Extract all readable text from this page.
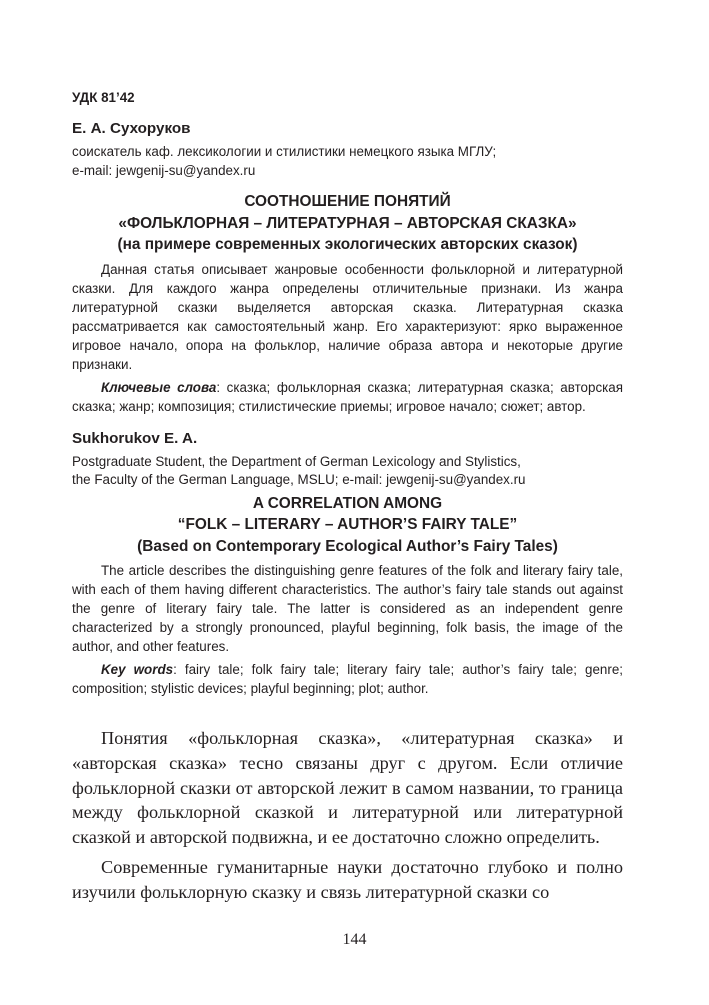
УДК 81’42
Е. А. Сухоруков
соискатель каф. лексикологии и стилистики немецкого языка МГЛУ;
e-mail: jewgenij-su@yandex.ru
СООТНОШЕНИЕ ПОНЯТИЙ
«ФОЛЬКЛОРНАЯ – ЛИТЕРАТУРНАЯ – АВТОРСКАЯ СКАЗКА»
(на примере современных экологических авторских сказок)

Данная статья описывает жанровые особенности фольклорной и литературной сказки. Для каждого жанра определены отличительные признаки. Из жанра литературной сказки выделяется авторская сказка. Литературная сказка рассматривается как самостоятельный жанр. Его характеризуют: ярко выраженное игровое начало, опора на фольклор, наличие образа автора и некоторые другие признаки.

Ключевые слова: сказка; фольклорная сказка; литературная сказка; авторская сказка; жанр; композиция; стилистические приемы; игровое начало; сюжет; автор.

Sukhorukov E. A.
Postgraduate Student, the Department of German Lexicology and Stylistics,
the Faculty of the German Language, MSLU; e-mail: jewgenij-su@yandex.ru
A CORRELATION AMONG
“FOLK – LITERARY – AUTHOR’S FAIRY TALE”
(Based on Contemporary Ecological Author’s Fairy Tales)

The article describes the distinguishing genre features of the folk and literary fairy tale, with each of them having different characteristics. The author’s fairy tale stands out against the genre of literary fairy tale. The latter is considered as an independent genre characterized by a strongly pronounced, playful beginning, folk basis, the image of the author, and other features.

Key words: fairy tale; folk fairy tale; literary fairy tale; author’s fairy tale; genre; composition; stylistic devices; playful beginning; plot; author.

Понятия «фольклорная сказка», «литературная сказка» и «авторская сказка» тесно связаны друг с другом. Если отличие фольклорной сказки от авторской лежит в самом названии, то граница между фольклорной сказкой и литературной или литературной сказкой и авторской подвижна, и ее достаточно сложно определить.

Современные гуманитарные науки достаточно глубоко и полно изучили фольклорную сказку и связь литературной сказки со

144
